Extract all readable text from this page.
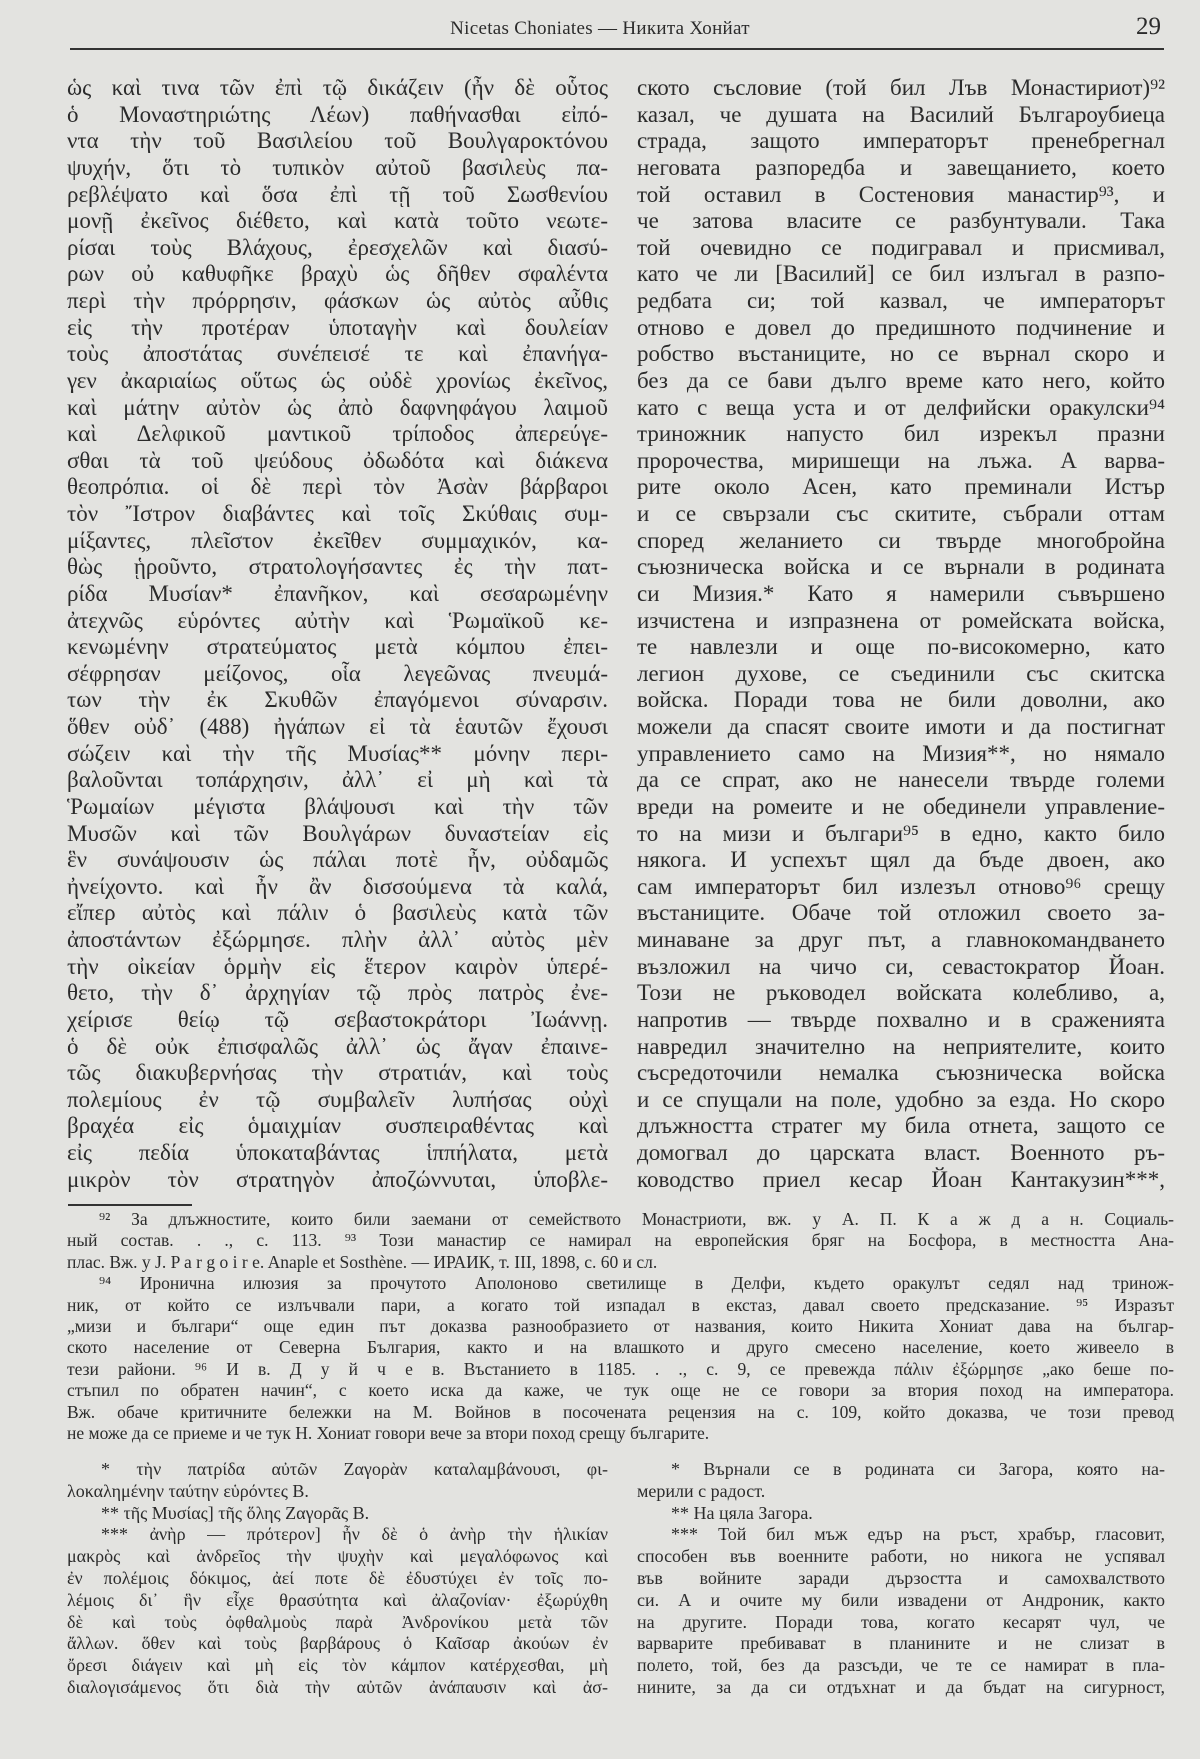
Nicetas Choniates — Никита Хонйат	29
ὡς καὶ τινα τῶν ἐπὶ τῷ δικάζειν (ἦν δὲ οὗτος
ὁ Μοναστηριώτης Λέων) παθήνασθαι εἰπό-
ντα τὴν τοῦ Βασιλείου τοῦ Βουλγαροκτόνου
ψυχήν, ὅτι τὸ τυπικὸν αὐτοῦ βασιλεὺς πα-
ρεβλέψατο καὶ ὅσα ἐπὶ τῇ τοῦ Σωσθενίου
μονῇ ἐκεῖνος διέθετο, καὶ κατὰ τοῦτο νεωτε-
ρίσαι τοὺς Βλάχους, ἐρεσχελῶν καὶ διασύ-
ρων οὐ καθυφῆκε βραχὺ ὡς δῆθεν σφαλέντα
περὶ τὴν πρόρρησιν, φάσκων ὡς αὐτὸς αὖθις
εἰς τὴν προτέραν ὑποταγὴν καὶ δουλείαν
τοὺς ἀποστάτας συνέπεισέ τε καὶ ἐπανήγα-
γεν ἀκαριαίως οὕτως ὡς οὐδὲ χρονίως ἐκεῖνος,
καὶ μάτην αὐτὸν ὡς ἀπὸ δαφνηφάγου λαιμοῦ
καὶ Δελφικοῦ μαντικοῦ τρίποδος ἀπερεύγε-
σθαι τὰ τοῦ ψεύδους ὀδωδότα καὶ διάκενα
θεοπρόπια. οἱ δὲ περὶ τὸν Ἀσὰν βάρβαροι
τὸν Ἴστρον διαβάντες καὶ τοῖς Σκύθαις συμ-
μίξαντες, πλεῖστον ἐκεῖθεν συμμαχικόν, κα-
θὼς ᾑροῦντο, στρατολογήσαντες ἐς τὴν πατ-
ρίδα Μυσίαν* ἐπανῆκον, καὶ σεσαρωμένην
ἀτεχνῶς εὑρόντες αὐτὴν καὶ Ῥωμαϊκοῦ κε-
κενωμένην στρατεύματος μετὰ κόμπου ἐπει-
σέφρησαν μείζονος, οἷα λεγεῶνας πνευμά-
των τὴν ἐκ Σκυθῶν ἐπαγόμενοι σύναρσιν.
ὅθεν οὐδ᾽ (488) ἠγάπων εἰ τὰ ἑαυτῶν ἔχουσι
σώζειν καὶ τὴν τῆς Μυσίας** μόνην περι-
βαλοῦνται τοπάρχησιν, ἀλλ᾽ εἰ μὴ καὶ τὰ
Ῥωμαίων μέγιστα βλάψουσι καὶ τὴν τῶν
Μυσῶν καὶ τῶν Βουλγάρων δυναστείαν εἰς
ἓν συνάψουσιν ὡς πάλαι ποτὲ ἦν, οὐδαμῶς
ἠνείχοντο. καὶ ἦν ἂν δισσούμενα τὰ καλά,
εἴπερ αὐτὸς καὶ πάλιν ὁ βασιλεὺς κατὰ τῶν
ἀποστάντων ἐξώρμησε. πλὴν ἀλλ᾽ αὐτὸς μὲν
τὴν οἰκείαν ὁρμὴν εἰς ἕτερον καιρὸν ὑπερέ-
θετο, τὴν δ᾽ ἀρχηγίαν τῷ πρὸς πατρὸς ἐνε-
χείρισε θείῳ τῷ σεβαστοκράτορι Ἰωάννῃ.
ὁ δὲ οὐκ ἐπισφαλῶς ἀλλ᾽ ὡς ἄγαν ἐπαινε-
τῶς διακυβερνήσας τὴν στρατιάν, καὶ τοὺς
πολεμίους ἐν τῷ συμβαλεῖν λυπήσας οὐχὶ
βραχέα εἰς ὁμαιχμίαν συσπειραθέντας καὶ
εἰς πεδία ὑποκαταβάντας ἱππήλατα, μετὰ
μικρὸν τὸν στρατηγὸν ἀποζώννυται, ὑποβλε-
ското съсловие (той бил Лъв Монастириот)⁹²
казал, че душата на Василий Българоубиеца
страда, защото императорът пренебрегнал
неговата разпоредба и завещанието, което
той оставил в Состеновия манастир⁹³, и
че затова власите се разбунтували. Така
той очевидно се подигравал и присмивал,
като че ли [Василий] се бил излъгал в разпо-
редбата си; той казвал, че императорът
отново е довел до предишното подчинение и
робство въстаниците, но се върнал скоро и
без да се бави дълго време като него, който
като с веща уста и от делфийски оракулски⁹⁴
триножник напусто бил изрекъл празни
пророчества, миришещи на лъжа. А варва-
рите около Асен, като преминали Истър
и се свързали със скитите, събрали оттам
според желанието си твърде многобройна
съюзническа войска и се върнали в родината
си Мизия.* Като я намерили съвършено
изчистена и изпразнена от ромейската войска,
те навлезли и още по-високомерно, като
легион духове, се съединили със скитска
войска. Поради това не били доволни, ако
можели да спасят своите имоти и да постигнат
управлението само на Мизия**, но нямало
да се спрат, ако не нанесели твърде големи
вреди на ромеите и не обединели управление-
то на мизи и българи⁹⁵ в едно, както било
някога. И успехът щял да бъде двоен, ако
сам императорът бил излезъл отново⁹⁶ срещу
въстаниците. Обаче той отложил своето за-
минаване за друг път, а главнокомандването
възложил на чичо си, севастократор Йоан.
Този не ръководел войската колебливо, а,
напротив — твърде похвално и в сраженията
навредил значително на неприятелите, които
съсредоточили немалка съюзническа войска
и се спущали на поле, удобно за езда. Но скоро
длъжността стратег му била отнета, защото се
домогвал до царската власт. Военното ръ-
ководство приел кесар Йоан Кантакузин***,
⁹² За длъжностите, които били заемани от семейството Монастриоти, вж. у А. П. К а ж д а н. Социаль-
ный состав. . ., с. 113. ⁹³ Този манастир се намирал на европейския бряг на Босфора, в местността Ана-
плас. Вж. у J. P a r g o i r e. Anaple et Sosthène. — ИРАИК, т. III, 1898, с. 60 и сл.
⁹⁴ Иронична илюзия за прочутото Аполоново светилище в Делфи, където оракулът седял над тринож-
ник, от който се излъчвали пари, а когато той изпадал в екстаз, давал своето предсказание. ⁹⁵ Изразът
„мизи и българи“ още един път доказва разнообразието от названия, които Никита Хониат дава на българ-
ското население от Северна България, както и на влашкото и друго смесено население, което живеело в
тези райони. ⁹⁶ И в. Д у й ч е в. Въстанието в 1185. . ., с. 9, се превежда πάλιν ἐξώρμησε „ако беше по-
стъпил по обратен начин“, с което иска да каже, че тук още не се говори за втория поход на императора.
Вж. обаче критичните бележки на М. Войнов в посочената рецензия на с. 109, който доказва, че този превод
не може да се приеме и че тук Н. Хониат говори вече за втори поход срещу българите.
* τὴν πατρίδα αὐτῶν Ζαγορὰν καταλαμβάνουσι, φι-
λοκαλημένην ταύτην εὑρόντες B.
** τῆς Μυσίας] τῆς ὅλης Ζαγορᾶς B.
*** ἀνὴρ — πρότερον] ἦν δὲ ὁ ἀνὴρ τὴν ἡλικίαν
μακρὸς καὶ ἀνδρεῖος τὴν ψυχὴν καὶ μεγαλόφωνος καὶ
ἐν πολέμοις δόκιμος, ἀεί ποτε δὲ ἐδυστύχει ἐν τοῖς πο-
λέμοις δι᾽ ἣν εἶχε θρασύτητα καὶ ἀλαζονίαν· ἐξωρύχθη
δὲ καὶ τοὺς ὀφθαλμοὺς παρὰ Ἀνδρονίκου μετὰ τῶν
ἄλλων. ὅθεν καὶ τοὺς βαρβάρους ὁ Καῖσαρ ἀκούων ἐν
ὄρεσι διάγειν καὶ μὴ εἰς τὸν κάμπον κατέρχεσθαι, μὴ
διαλογισάμενος ὅτι διὰ τὴν αὐτῶν ἀνάπαυσιν καὶ ἀσ-
* Върнали се в родината си Загора, която на-
мерили с радост.
** На цяла Загора.
*** Той бил мъж едър на ръст, храбър, гласовит,
способен във военните работи, но никога не успявал
във войните заради дързостта и самохвалството
си. А и очите му били извадени от Андроник, както
на другите. Поради това, когато кесарят чул, че
варварите пребивават в планините и не слизат в
полето, той, без да разсъди, че те се намират в пла-
нините, за да си отдъхнат и да бъдат на сигурност,
